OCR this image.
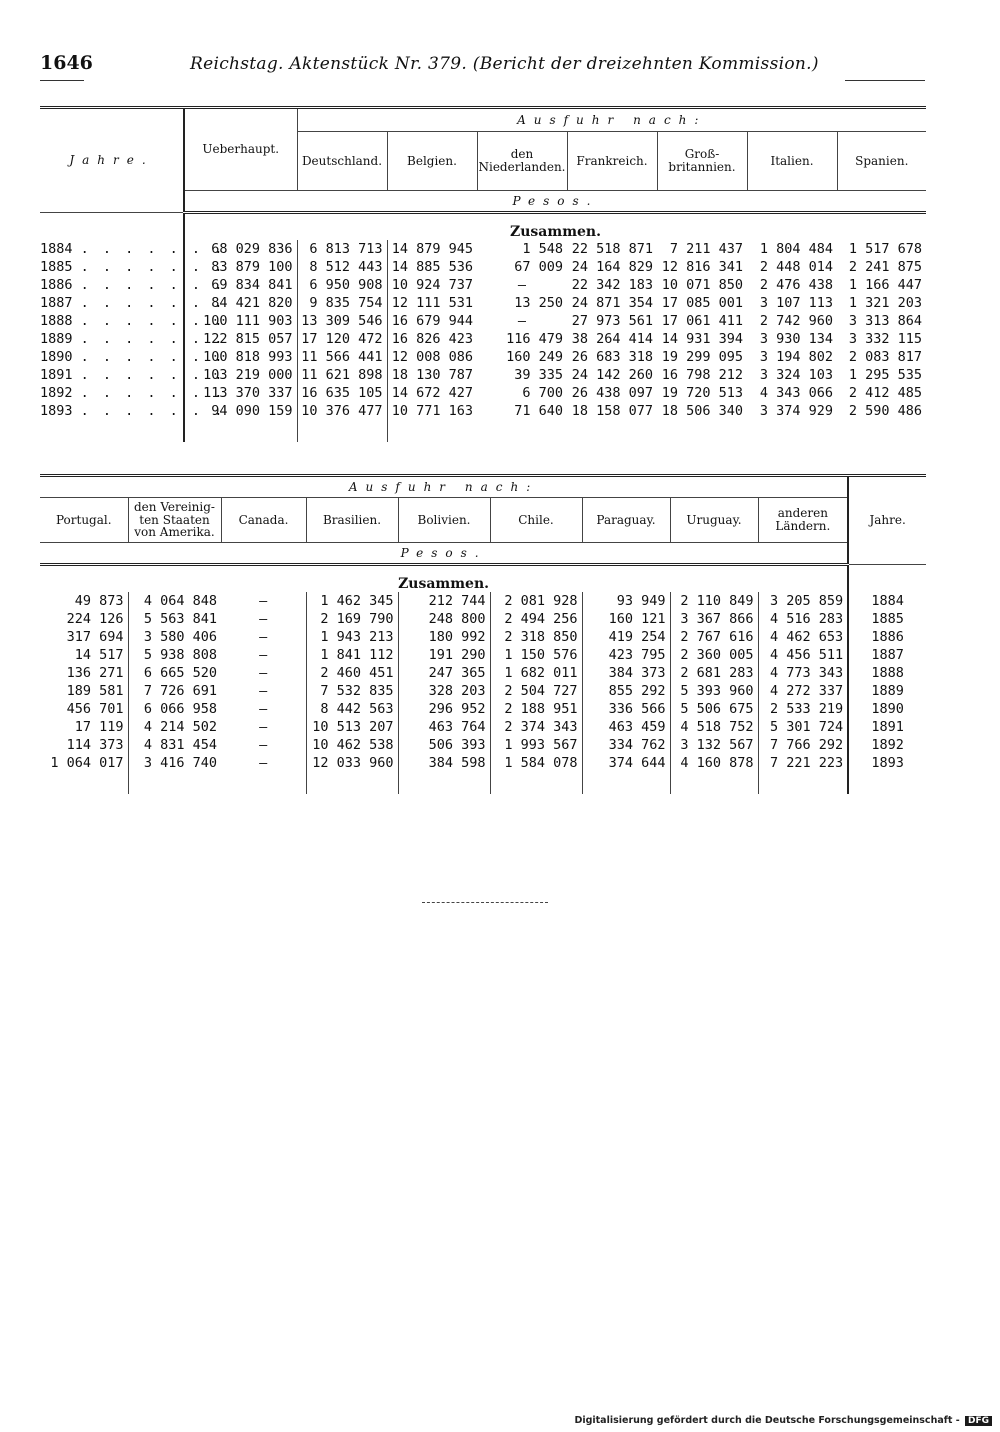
1646	Reichstag. Aktenstück Nr. 379. (Bericht der dreizehnten Kommission.)
Jahre.	Ueberhaupt.	Ausfuhr nach:						
		Deutschland.	Belgien.	den Niederlanden.	Frankreich.	Groß-britannien.	Italien.	Spanien.
	Pesos.							
	Zusammen.							
1884 . . . . . . .	68 029 836	6 813 713	14 879 945	1 548	22 518 871	7 211 437	1 804 484	1 517 678
1885 . . . . . . .	83 879 100	8 512 443	14 885 536	67 009	24 164 829	12 816 341	2 448 014	2 241 875
1886 . . . . . . .	69 834 841	6 950 908	10 924 737	—	22 342 183	10 071 850	2 476 438	1 166 447
1887 . . . . . . .	84 421 820	9 835 754	12 111 531	13 250	24 871 354	17 085 001	3 107 113	1 321 203
1888 . . . . . . .	100 111 903	13 309 546	16 679 944	—	27 973 561	17 061 411	2 742 960	3 313 864
1889 . . . . . . .	122 815 057	17 120 472	16 826 423	116 479	38 264 414	14 931 394	3 930 134	3 332 115
1890 . . . . . . .	100 818 993	11 566 441	12 008 086	160 249	26 683 318	19 299 095	3 194 802	2 083 817
1891 . . . . . . .	103 219 000	11 621 898	18 130 787	39 335	24 142 260	16 798 212	3 324 103	1 295 535
1892 . . . . . . .	113 370 337	16 635 105	14 672 427	6 700	26 438 097	19 720 513	4 343 066	2 412 485
1893 . . . . . . .	94 090 159	10 376 477	10 771 163	71 640	18 158 077	18 506 340	3 374 929	2 590 486
Ausfuhr nach:									Jahre.
Portugal.	den Vereinig-ten Staaten von Amerika.	Canada.	Brasilien.	Bolivien.	Chile.	Paraguay.	Uruguay.	anderen Ländern.	
Pesos.									
Zusammen.									
49 873	4 064 848	—	1 462 345	212 744	2 081 928	93 949	2 110 849	3 205 859	1884
224 126	5 563 841	—	2 169 790	248 800	2 494 256	160 121	3 367 866	4 516 283	1885
317 694	3 580 406	—	1 943 213	180 992	2 318 850	419 254	2 767 616	4 462 653	1886
14 517	5 938 808	—	1 841 112	191 290	1 150 576	423 795	2 360 005	4 456 511	1887
136 271	6 665 520	—	2 460 451	247 365	1 682 011	384 373	2 681 283	4 773 343	1888
189 581	7 726 691	—	7 532 835	328 203	2 504 727	855 292	5 393 960	4 272 337	1889
456 701	6 066 958	—	8 442 563	296 952	2 188 951	336 566	5 506 675	2 533 219	1890
17 119	4 214 502	—	10 513 207	463 764	2 374 343	463 459	4 518 752	5 301 724	1891
114 373	4 831 454	—	10 462 538	506 393	1 993 567	334 762	3 132 567	7 766 292	1892
1 064 017	3 416 740	—	12 033 960	384 598	1 584 078	374 644	4 160 878	7 221 223	1893
Digitalisierung gefördert durch die Deutsche Forschungsgemeinschaft - DFG
